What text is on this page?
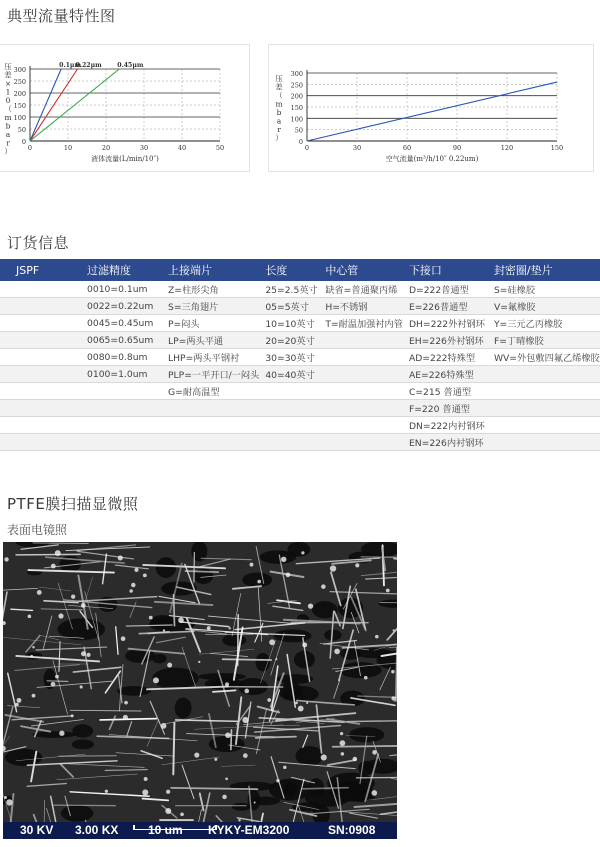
典型流量特性图
0
50
100
150
200
250
300
0	10	20	30	40	50
0.1μm
0.22μm	0.45μm
液体流量(L/min/10″)
压差× 1 0 （ m b a r ）
0
50
100
150
200
250
300
0	30	60	90	120	150
空气流量(m³/h/10″ 0.22um)
压差（ m b a r ）
订货信息
JSPF	过滤精度	上接端片	长度	中心管	下接口	封密圈/垫片
	0010=0.1um	Z=柱形尖角	25=2.5英寸	缺省=普通聚丙烯	D=222普通型	S=硅橡胶
	0022=0.22um	S=三角翅片	05=5英寸	H=不锈钢	E=226普通型	V=氟橡胶
	0045=0.45um	P=闷头	10=10英寸	T=耐温加强衬内管	DH=222外衬钢环	Y=三元乙丙橡胶
	0065=0.65um	LP=两头平通	20=20英寸		EH=226外衬钢环	F=丁晴橡胶
	0080=0.8um	LHP=两头平钢衬	30=30英寸		AD=222特殊型	WV=外包敷四氟乙烯橡胶
	0100=1.0um	PLP=一平开口/一闷头	40=40英寸		AE=226特殊型	
		G=耐高温型			C=215 普通型	
					F=220 普通型	
					DN=222内衬钢环	
					EN=226内衬钢环	
PTFE膜扫描显微照
表面电镜照
30 KV 3.00 KX 10 um KYKY-EM3200	SN:0908
